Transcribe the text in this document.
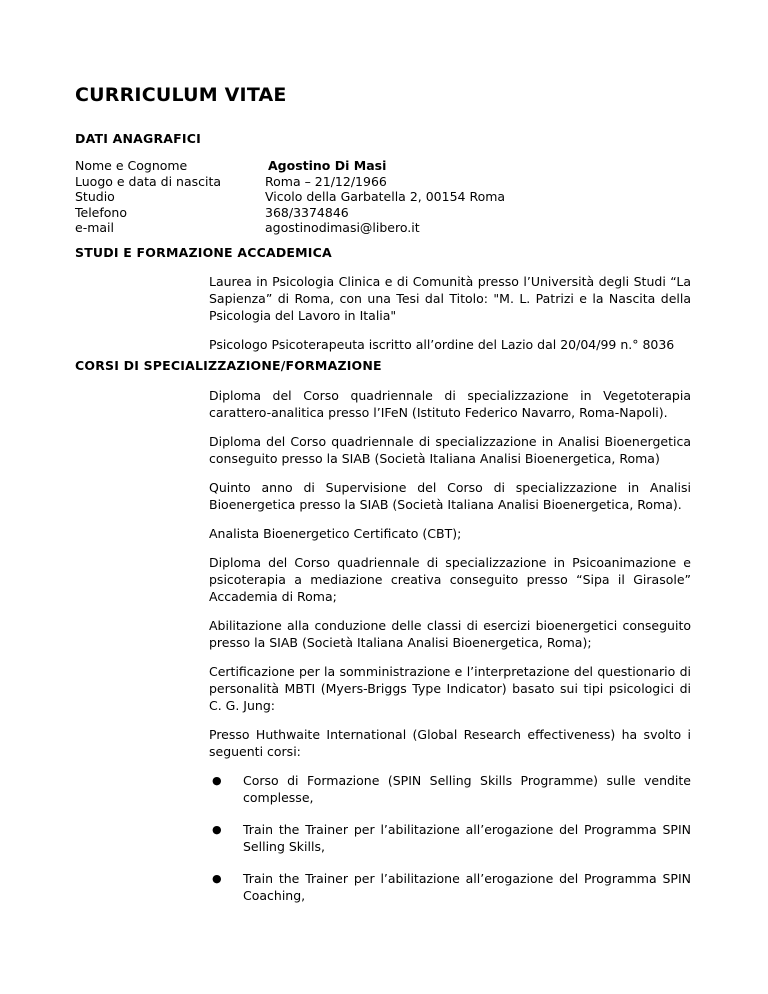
CURRICULUM VITAE
DATI ANAGRAFICI
Nome e Cognome	Agostino Di Masi
Luogo e data di nascita	Roma – 21/12/1966
Studio	Vicolo della Garbatella 2, 00154 Roma
Telefono	368/3374846
e-mail	agostinodimasi@libero.it
STUDI E FORMAZIONE ACCADEMICA

Laurea in Psicologia Clinica e di Comunità presso l’Università degli Studi “La Sapienza” di Roma, con una Tesi dal Titolo: "M. L. Patrizi e la Nascita della Psicologia del Lavoro in Italia"

Psicologo Psicoterapeuta iscritto all’ordine del Lazio dal 20/04/99 n.° 8036

CORSI DI SPECIALIZZAZIONE/FORMAZIONE

Diploma del Corso quadriennale di specializzazione in Vegetoterapia carattero-analitica presso l’IFeN (Istituto Federico Navarro, Roma-Napoli).

Diploma del Corso quadriennale di specializzazione in Analisi Bioenergetica conseguito presso la SIAB (Società Italiana Analisi Bioenergetica, Roma)

Quinto anno di Supervisione del Corso di specializzazione in Analisi Bioenergetica presso la SIAB (Società Italiana Analisi Bioenergetica, Roma).

Analista Bioenergetico Certificato (CBT);

Diploma del Corso quadriennale di specializzazione in Psicoanimazione e psicoterapia a mediazione creativa conseguito presso “Sipa il Girasole” Accademia di Roma;

Abilitazione alla conduzione delle classi di esercizi bioenergetici conseguito presso la SIAB (Società Italiana Analisi Bioenergetica, Roma);

Certificazione per la somministrazione e l’interpretazione del questionario di personalità MBTI (Myers-Briggs Type Indicator) basato sui tipi psicologici di C. G. Jung:

Presso Huthwaite International (Global Research effectiveness) ha svolto i seguenti corsi:

● Corso di Formazione (SPIN Selling Skills Programme) sulle vendite complesse,
● Train the Trainer per l’abilitazione all’erogazione del Programma SPIN Selling Skills,
● Train the Trainer per l’abilitazione all’erogazione del Programma SPIN Coaching,
